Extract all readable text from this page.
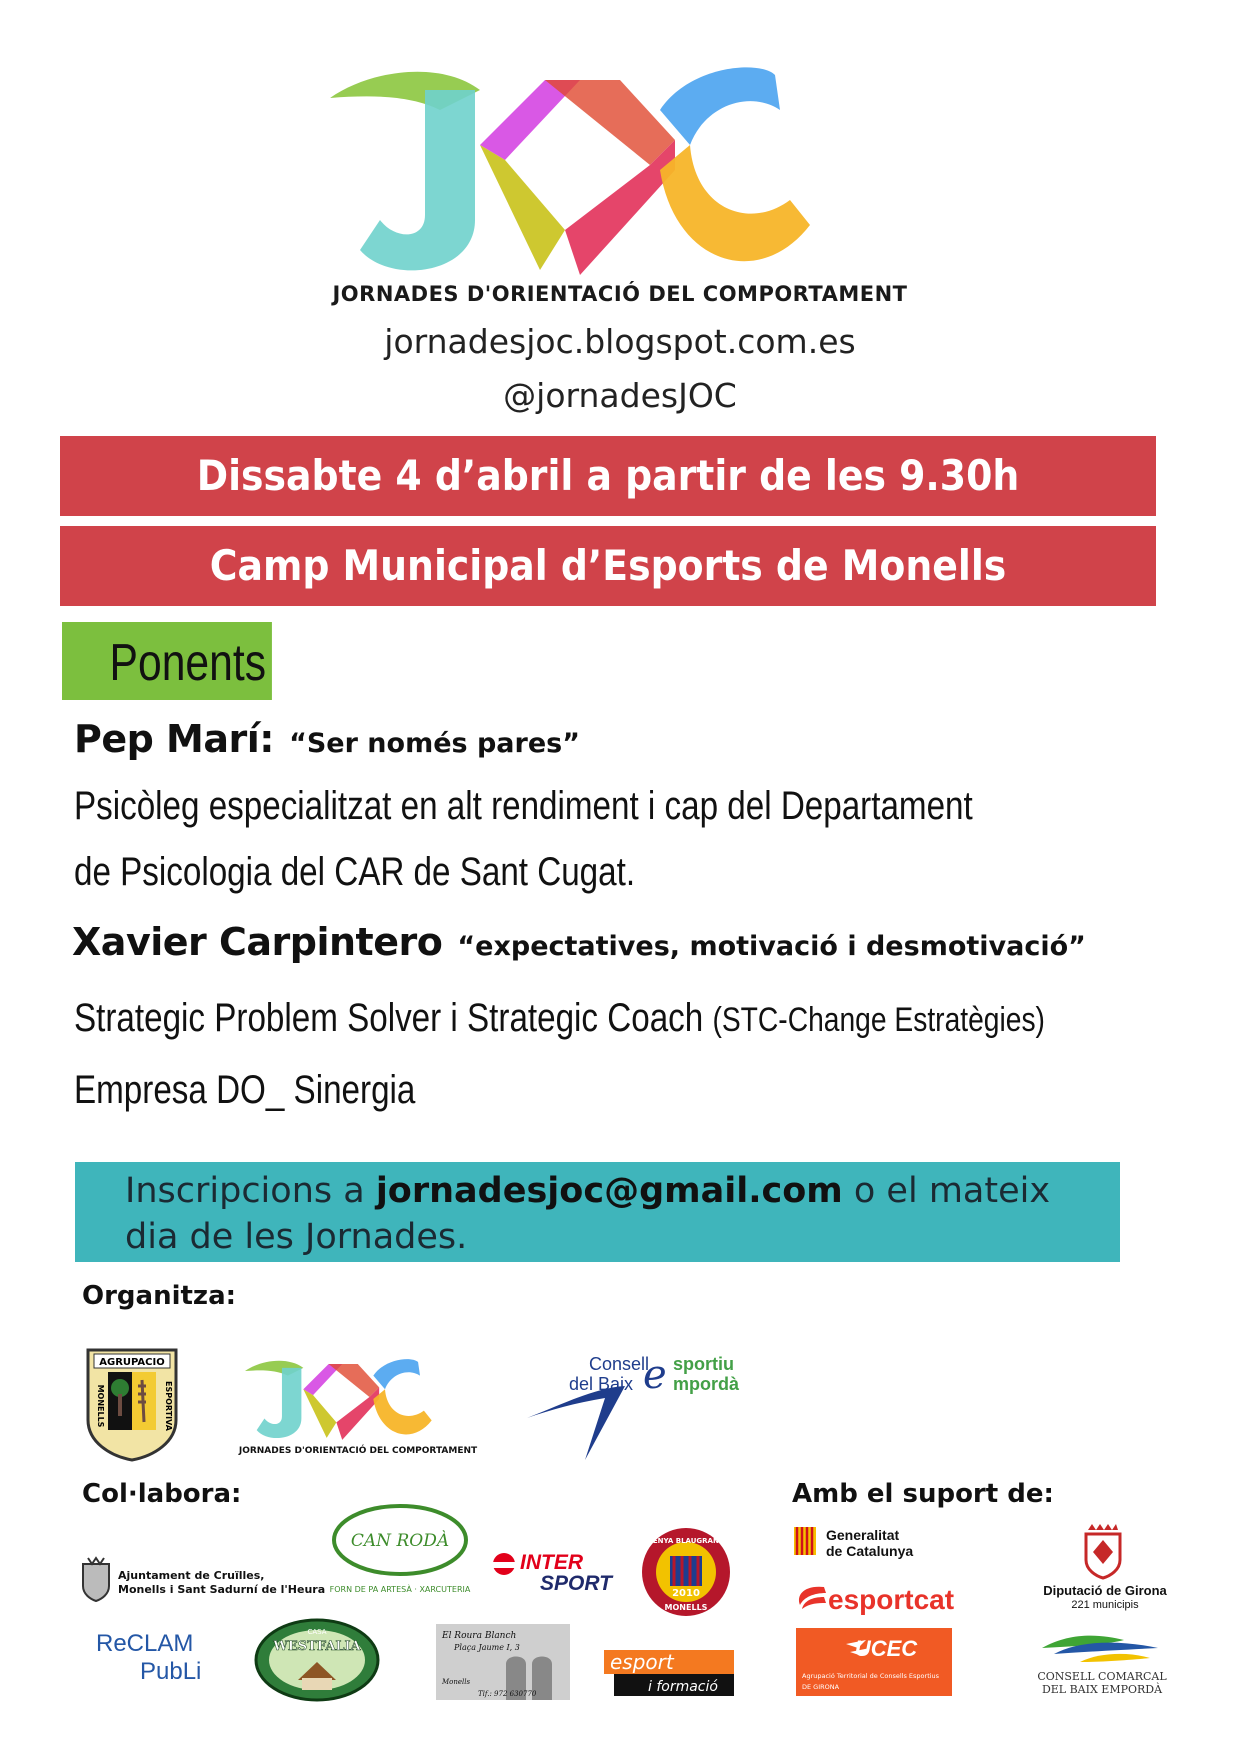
JORNADES D'ORIENTACIÓ DEL COMPORTAMENT
jornadesjoc.blogspot.com.es
@jornadesJOC
Dissabte 4 d’abril a partir de les 9.30h
Camp Municipal d’Esports de Monells
Ponents
Pep Marí: “Ser només pares”
Psicòleg especialitzat en alt rendiment i cap del Departament
de Psicologia del CAR de Sant Cugat.
Xavier Carpintero “expectatives, motivació i desmotivació”
Strategic Problem Solver i Strategic Coach (STC-Change Estratègies)
Empresa DO_ Sinergia
Inscripcions a jornadesjoc@gmail.com o el mateix
dia de les Jornades.
Organitza:
AGRUPACIO
MONELLS	ESPORTIVA
JORNADES D'ORIENTACIÓ DEL COMPORTAMENT
Consell
del Baix e sportiu
mpordà
Col·labora:
Ajuntament de Cruïlles,
Monells i Sant Sadurní de l'Heura
CAN RODÀ
FORN DE PA ARTESÀ · XARCUTERIA
INTER
SPORT
PENYA BLAUGRANA
2010
MONELLS
ReCLAM
PubLi
CASA
WESTFALIA
El Roura Blanch
Plaça Jaume I, 3
Monells
Tlf.: 972 630770
esport
i formació
Amb el suport de:
Generalitat
de Catalunya
esportcat
UCEC
Agrupació Territorial de Consells Esportius
DE GIRONA
Diputació de Girona
221 municipis
CONSELL COMARCAL
DEL BAIX EMPORDÀ
